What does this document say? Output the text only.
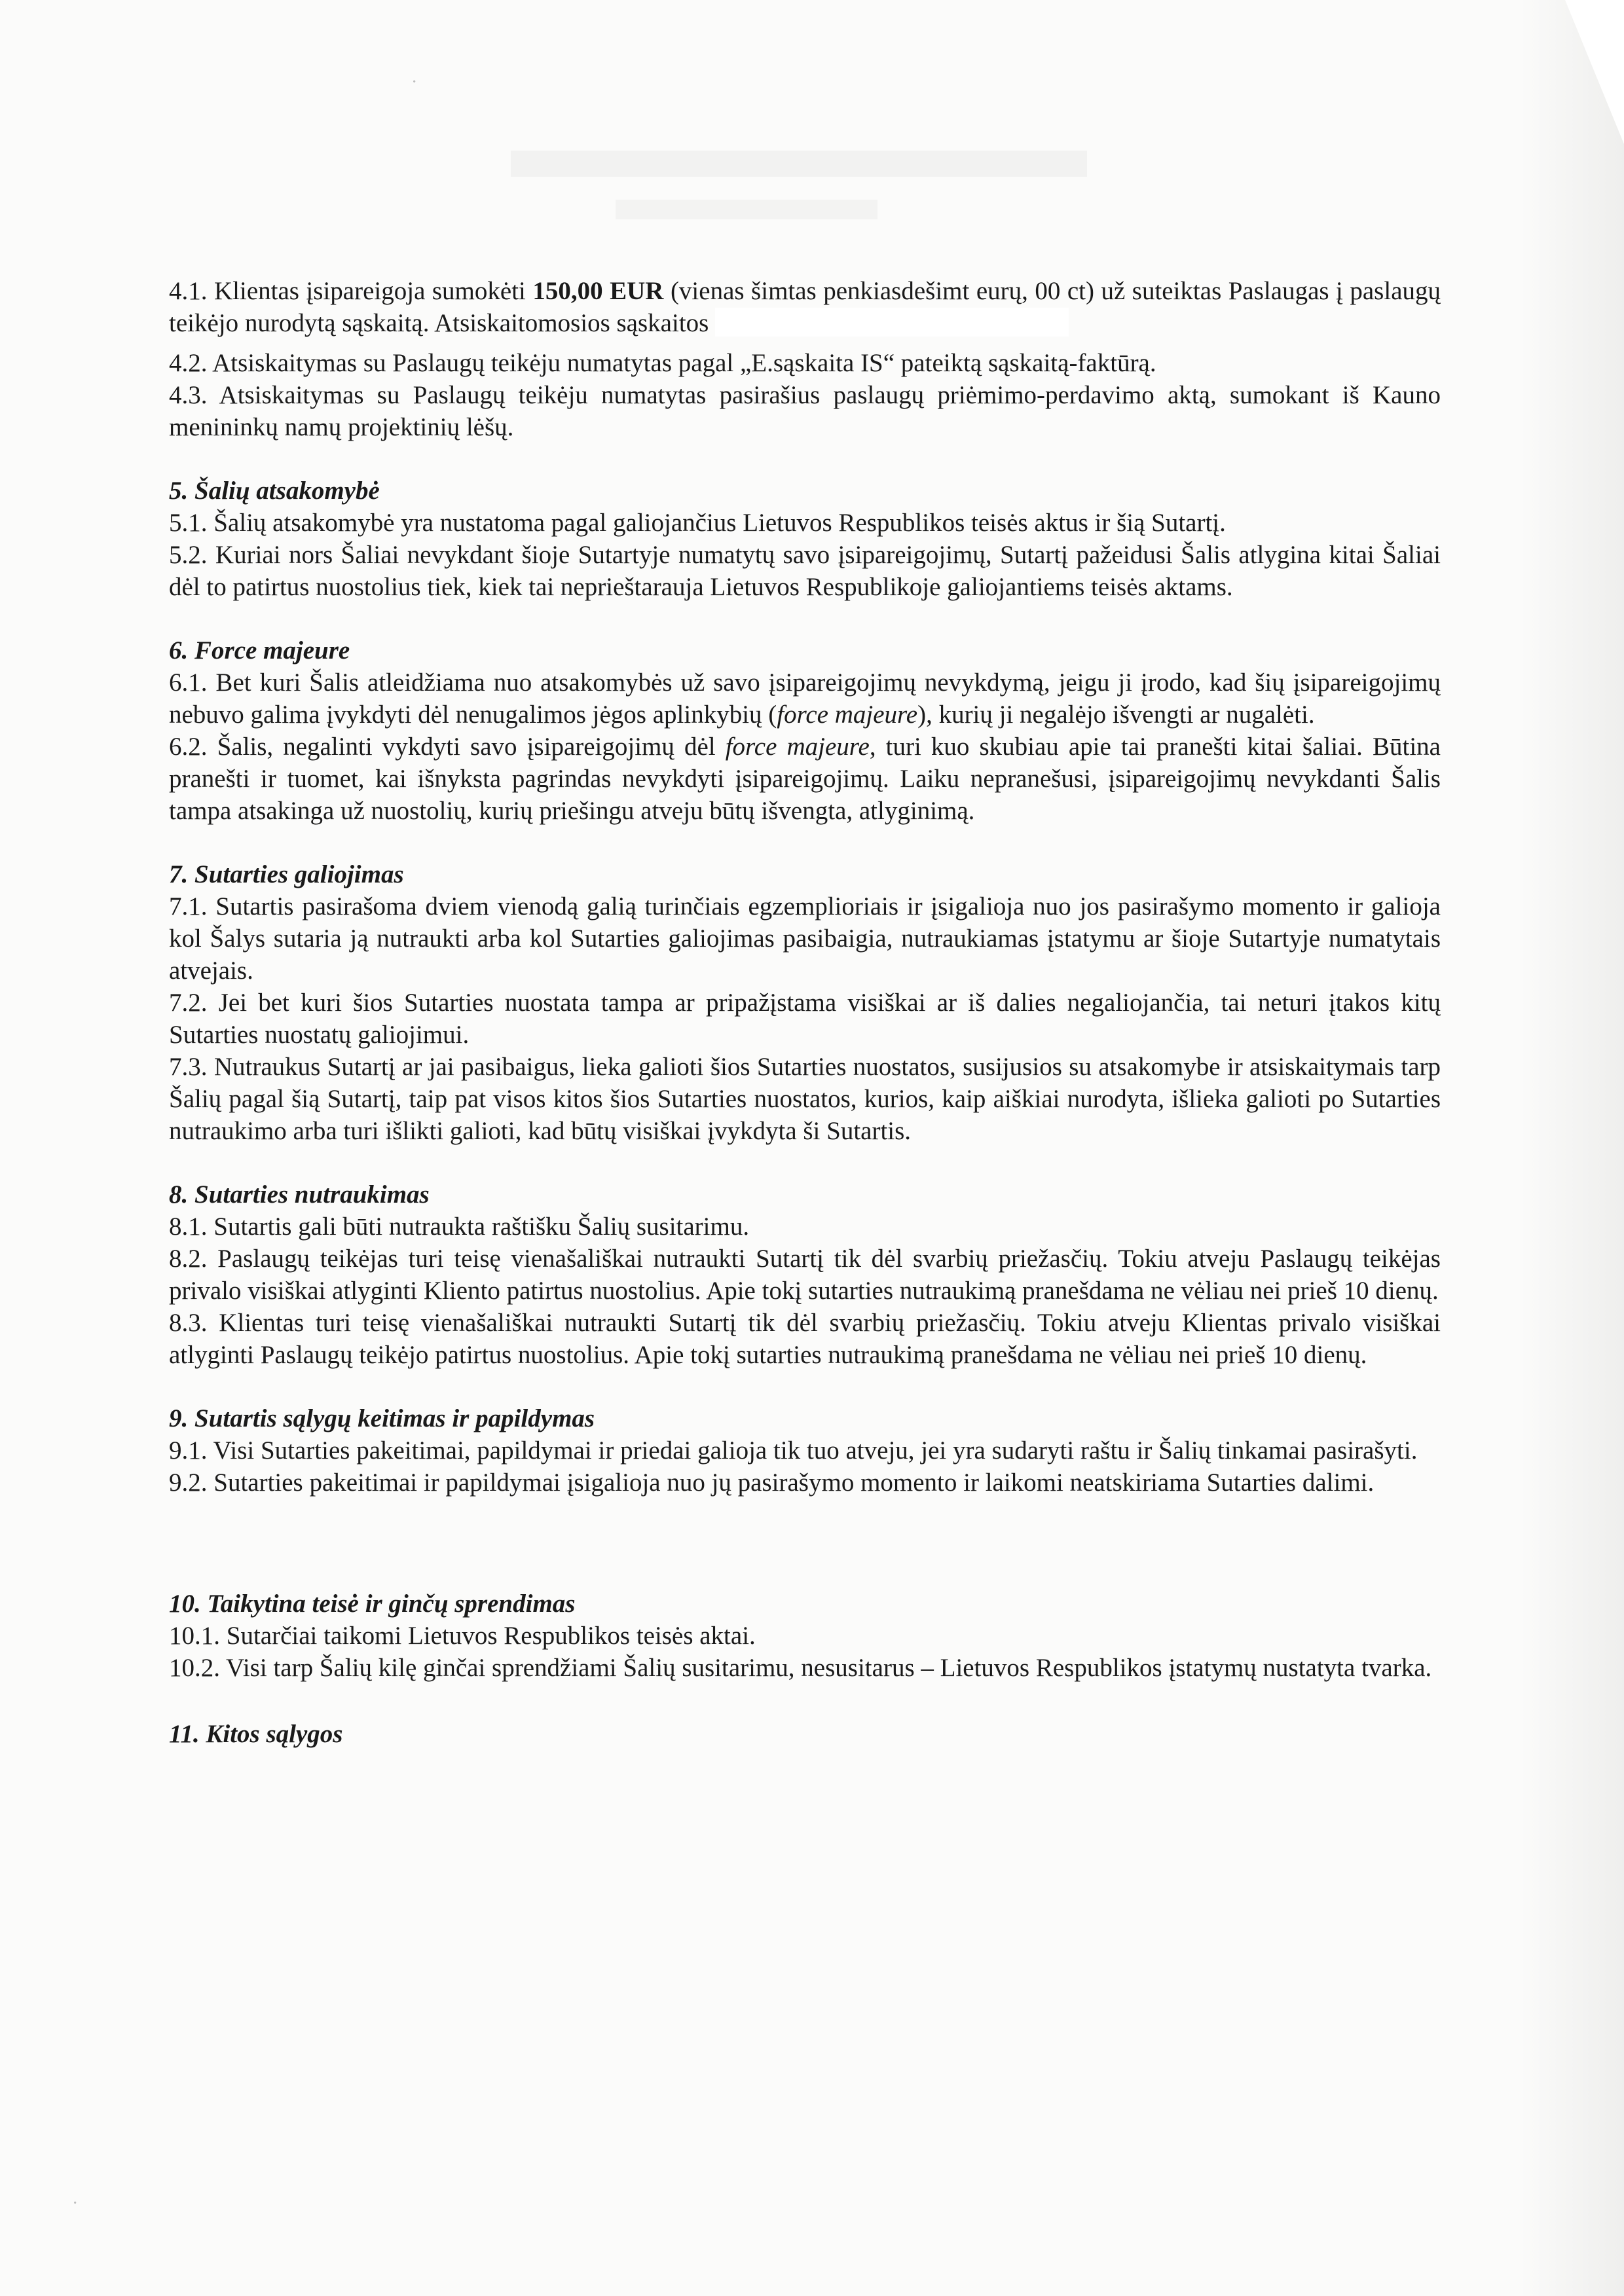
·
·

4.1. Klientas įsipareigoja sumokėti 150,00 EUR (vienas šimtas penkiasdešimt eurų, 00 ct) už suteiktas Paslaugas į paslaugų teikėjo nurodytą sąskaitą. Atsiskaitomosios sąskaitos

4.2. Atsiskaitymas su Paslaugų teikėju numatytas pagal „E.sąskaita IS“ pateiktą sąskaitą-faktūrą.

4.3. Atsiskaitymas su Paslaugų teikėju numatytas pasirašius paslaugų priėmimo-perdavimo aktą, sumokant iš Kauno menininkų namų projektinių lėšų.

5. Šalių atsakomybė

5.1. Šalių atsakomybė yra nustatoma pagal galiojančius Lietuvos Respublikos teisės aktus ir šią Sutartį.

5.2. Kuriai nors Šaliai nevykdant šioje Sutartyje numatytų savo įsipareigojimų, Sutartį pažeidusi Šalis atlygina kitai Šaliai dėl to patirtus nuostolius tiek, kiek tai neprieštarauja Lietuvos Respublikoje galiojantiems teisės aktams.

6. Force majeure

6.1. Bet kuri Šalis atleidžiama nuo atsakomybės už savo įsipareigojimų nevykdymą, jeigu ji įrodo, kad šių įsipareigojimų nebuvo galima įvykdyti dėl nenugalimos jėgos aplinkybių (force majeure), kurių ji negalėjo išvengti ar nugalėti.

6.2. Šalis, negalinti vykdyti savo įsipareigojimų dėl force majeure, turi kuo skubiau apie tai pranešti kitai šaliai. Būtina pranešti ir tuomet, kai išnyksta pagrindas nevykdyti įsipareigojimų. Laiku nepranešusi, įsipareigojimų nevykdanti Šalis tampa atsakinga už nuostolių, kurių priešingu atveju būtų išvengta, atlyginimą.

7. Sutarties galiojimas

7.1. Sutartis pasirašoma dviem vienodą galią turinčiais egzemplioriais ir įsigalioja nuo jos pasirašymo momento ir galioja kol Šalys sutaria ją nutraukti arba kol Sutarties galiojimas pasibaigia, nutraukiamas įstatymu ar šioje Sutartyje numatytais atvejais.

7.2. Jei bet kuri šios Sutarties nuostata tampa ar pripažįstama visiškai ar iš dalies negaliojančia, tai neturi įtakos kitų Sutarties nuostatų galiojimui.

7.3. Nutraukus Sutartį ar jai pasibaigus, lieka galioti šios Sutarties nuostatos, susijusios su atsakomybe ir atsiskaitymais tarp Šalių pagal šią Sutartį, taip pat visos kitos šios Sutarties nuostatos, kurios, kaip aiškiai nurodyta, išlieka galioti po Sutarties nutraukimo arba turi išlikti galioti, kad būtų visiškai įvykdyta ši Sutartis.

8. Sutarties nutraukimas

8.1. Sutartis gali būti nutraukta raštišku Šalių susitarimu.

8.2. Paslaugų teikėjas turi teisę vienašališkai nutraukti Sutartį tik dėl svarbių priežasčių. Tokiu atveju Paslaugų teikėjas privalo visiškai atlyginti Kliento patirtus nuostolius. Apie tokį sutarties nutraukimą pranešdama ne vėliau nei prieš 10 dienų.

8.3. Klientas turi teisę vienašališkai nutraukti Sutartį tik dėl svarbių priežasčių. Tokiu atveju Klientas privalo visiškai atlyginti Paslaugų teikėjo patirtus nuostolius. Apie tokį sutarties nutraukimą pranešdama ne vėliau nei prieš 10 dienų.

9. Sutartis sąlygų keitimas ir papildymas

9.1. Visi Sutarties pakeitimai, papildymai ir priedai galioja tik tuo atveju, jei yra sudaryti raštu ir Šalių tinkamai pasirašyti.

9.2. Sutarties pakeitimai ir papildymai įsigalioja nuo jų pasirašymo momento ir laikomi neatskiriama Sutarties dalimi.

10. Taikytina teisė ir ginčų sprendimas

10.1. Sutarčiai taikomi Lietuvos Respublikos teisės aktai.

10.2. Visi tarp Šalių kilę ginčai sprendžiami Šalių susitarimu, nesusitarus – Lietuvos Respublikos įstatymų nustatyta tvarka.

11. Kitos sąlygos
